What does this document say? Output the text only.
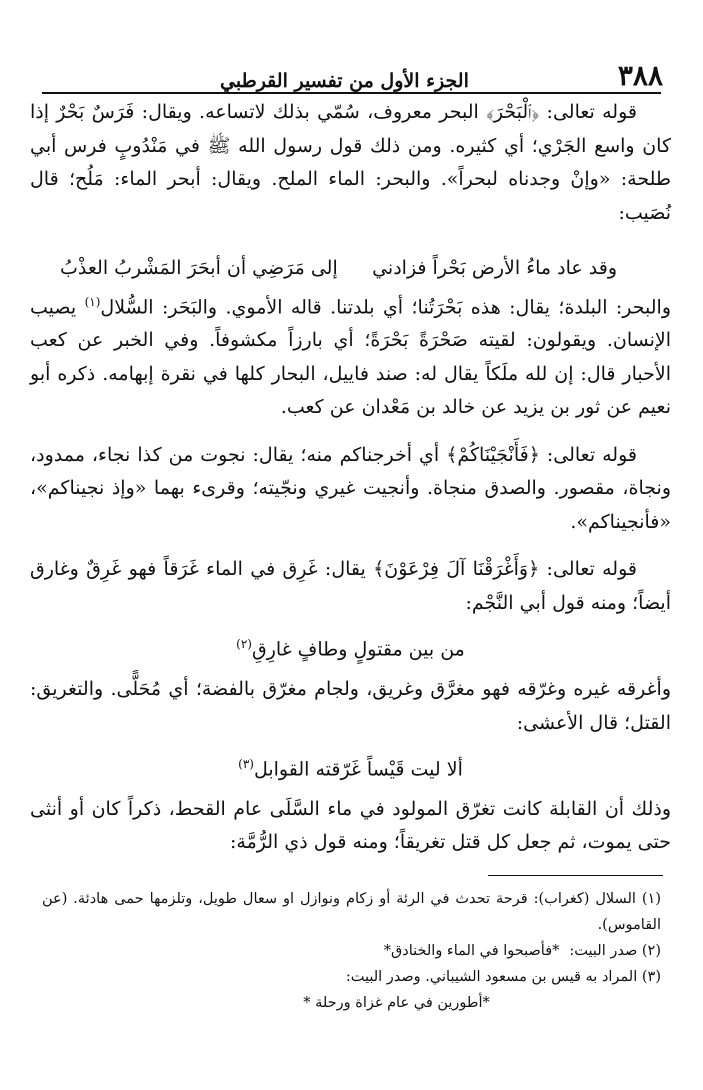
٣٨٨
الجزء الأول من تفسير القرطبي

قوله تعالى: ﴿ٱلْبَحْرَ﴾ البحر معروف، سُمّي بذلك لاتساعه. ويقال: فَرَسٌ بَحْرٌ إذا كان واسع الجَرْي؛ أي كثيره. ومن ذلك قول رسول الله ﷺ في مَنْدُوبٍ فرس أبي طلحة: «وإنْ وجدناه لبحراً». والبحر: الماء الملح. ويقال: أبحر الماء: مَلُح؛ قال نُصَيب:

وقد عاد ماءُ الأرض بَحْراً فزادني
إلى مَرَضِي أن أبحَرَ المَشْربُ العذْبُ

والبحر: البلدة؛ يقال: هذه بَحْرَتُنا؛ أي بلدتنا. قاله الأموي. والبَحَر: السُّلال$^{(١)}$ يصيب الإنسان. ويقولون: لقيته صَحْرَةً بَحْرَةً؛ أي بارزاً مكشوفاً. وفي الخبر عن كعب الأحبار قال: إن لله ملَكاً يقال له: صند فاييل، البحار كلها في نقرة إبهامه. ذكره أبو نعيم عن ثور بن يزيد عن خالد بن مَعْدان عن كعب.

قوله تعالى: ﴿فَأَنْجَيْنَاكُمْ﴾ أي أخرجناكم منه؛ يقال: نجوت من كذا نجاء، ممدود، ونجاة، مقصور. والصدق منجاة. وأنجيت غيري ونجّيته؛ وقرىء بهما «وإذ نجيناكم»، «فأنجيناكم».

قوله تعالى: ﴿وَأَغْرَقْنَا آلَ فِرْعَوْنَ﴾ يقال: غَرِق في الماء غَرَقاً فهو غَرِقٌ وغارق أيضاً؛ ومنه قول أبي النَّجْم:

من بين مقتولٍ وطافٍ غارِقِ$^{(٢)}$

وأغرقه غيره وغرّقه فهو مغرَّق وغريق، ولجام مغرّق بالفضة؛ أي مُحَلًّى. والتغريق: القتل؛ قال الأعشى:

ألا ليت قَيْساً غَرّقته القوابل$^{(٣)}$

وذلك أن القابلة كانت تغرّق المولود في ماء السَّلَى عام القحط، ذكراً كان أو أنثى حتى يموت، ثم جعل كل قتل تغريقاً؛ ومنه قول ذي الرُّمَّة:

(١) السلال (كغراب): قرحة تحدث في الرئة أو زكام ونوازل او سعال طويل، وتلزمها حمى هادئة. (عن القاموس).

(٢) صدر البيت:
*فأصبحوا في الماء والخنادق*

(٣) المراد به قيس بن مسعود الشيباني. وصدر البيت:

*أطورين في عام غزاة ورحلة *
